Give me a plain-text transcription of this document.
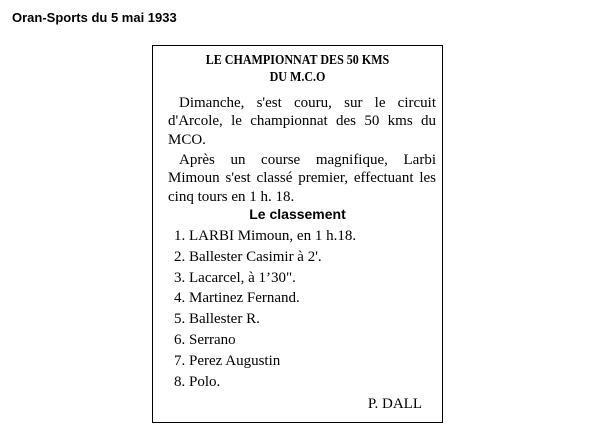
Oran-Sports du 5 mai 1933
LE CHAMPIONNAT DES 50 KMS
DU M.C.O
Dimanche, s'est couru, sur le circuit d'Arcole, le championnat des 50 kms du MCO.
Après un course magnifique, Larbi Mimoun s'est classé premier, effectuant les cinq tours en 1 h. 18.
Le classement
1. LARBI Mimoun, en 1 h.18.
2. Ballester Casimir à 2'.
3. Lacarcel, à 1’30".
4. Martinez Fernand.
5. Ballester R.
6. Serrano
7. Perez Augustin
8. Polo.
P. DALL
